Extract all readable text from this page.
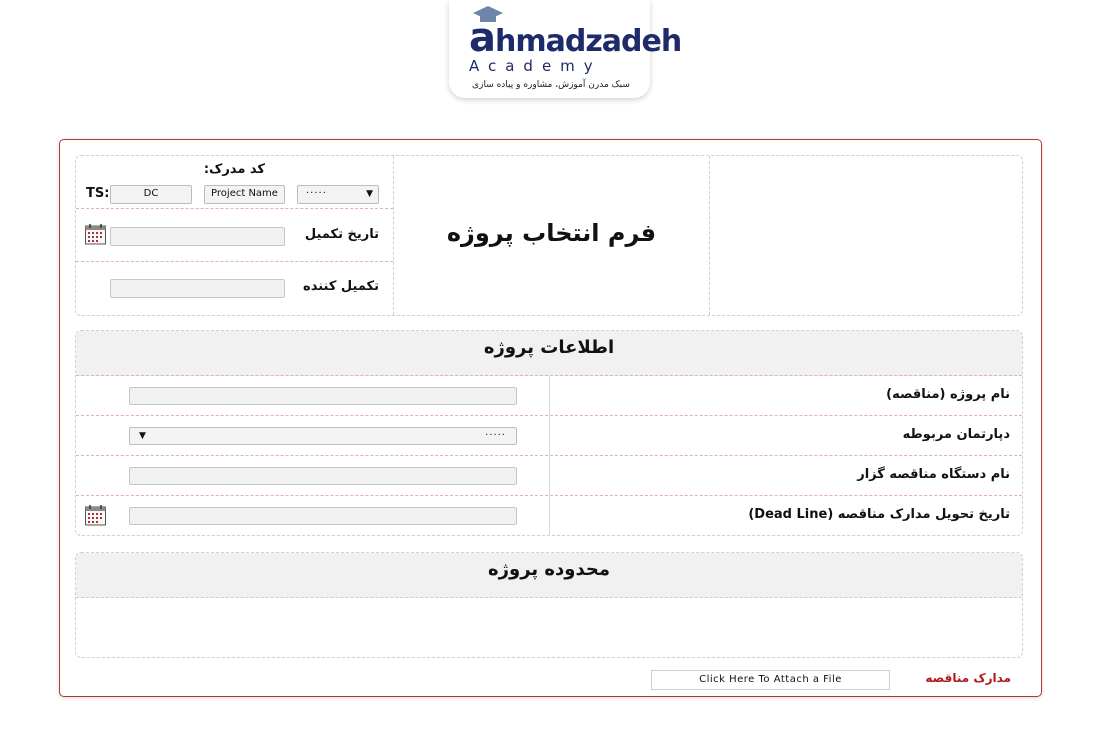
ahmadzadeh
Academy
سبک مدرن آموزش، مشاوره و پیاده سازی
کد مدرک:
TS:	DC	Project Name	·····	▼
تاریخ تکمیل
تکمیل کننده
فرم انتخاب پروژه
اطلاعات پروژه
نام پروژه (مناقصه)
▼	·····	دپارتمان مربوطه
نام دستگاه مناقصه گزار
تاریخ تحویل مدارک مناقصه (Dead Line)
محدوده پروژه
Click Here To Attach a File	مدارک مناقصه
